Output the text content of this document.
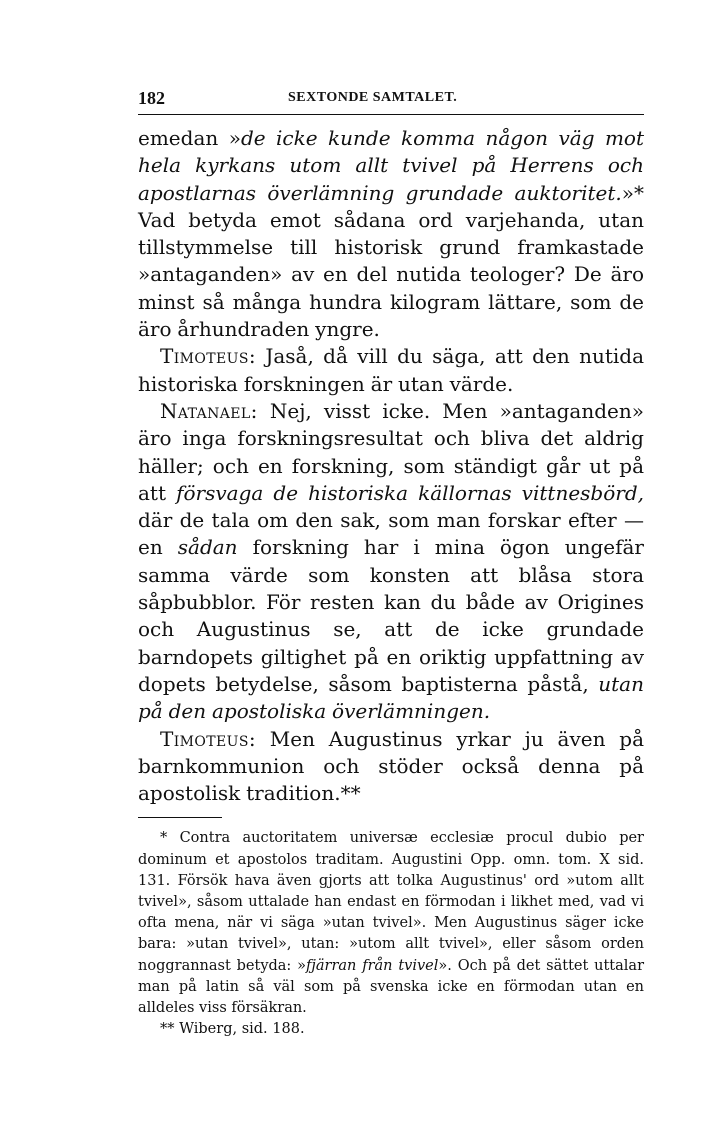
182	SEXTONDE SAMTALET.

emedan »de icke kunde komma någon väg mot hela kyrkans utom allt tvivel på Herrens och apostlarnas överlämning grundade auktoritet.»* Vad betyda emot sådana ord varjehanda, utan tillstymmelse till historisk grund framkastade »antaganden» av en del nutida teologer? De äro minst så många hundra kilogram lättare, som de äro århundraden yngre.

Timoteus: Jaså, då vill du säga, att den nutida historiska forskningen är utan värde.

Natanael: Nej, visst icke. Men »antaganden» äro inga forskningsresultat och bliva det aldrig häller; och en forskning, som ständigt går ut på att försvaga de historiska källornas vittnesbörd, där de tala om den sak, som man forskar efter — en sådan forskning har i mina ögon ungefär samma värde som konsten att blåsa stora såpbubblor. För resten kan du både av Origines och Augustinus se, att de icke grundade barndopets giltighet på en oriktig uppfattning av dopets betydelse, såsom baptisterna påstå, utan på den apostoliska överlämningen.

Timoteus: Men Augustinus yrkar ju även på barnkommunion och stöder också denna på apostolisk tradition.**

* Contra auctoritatem universæ ecclesiæ procul dubio per dominum et apostolos traditam. Augustini Opp. omn. tom. X sid. 131. Försök hava även gjorts att tolka Augustinus' ord »utom allt tvivel», såsom uttalade han endast en förmodan i likhet med, vad vi ofta mena, när vi säga »utan tvivel». Men Augustinus säger icke bara: »utan tvivel», utan: »utom allt tvivel», eller såsom orden noggrannast betyda: »fjärran från tvivel». Och på det sättet uttalar man på latin så väl som på svenska icke en förmodan utan en alldeles viss försäkran.

** Wiberg, sid. 188.
